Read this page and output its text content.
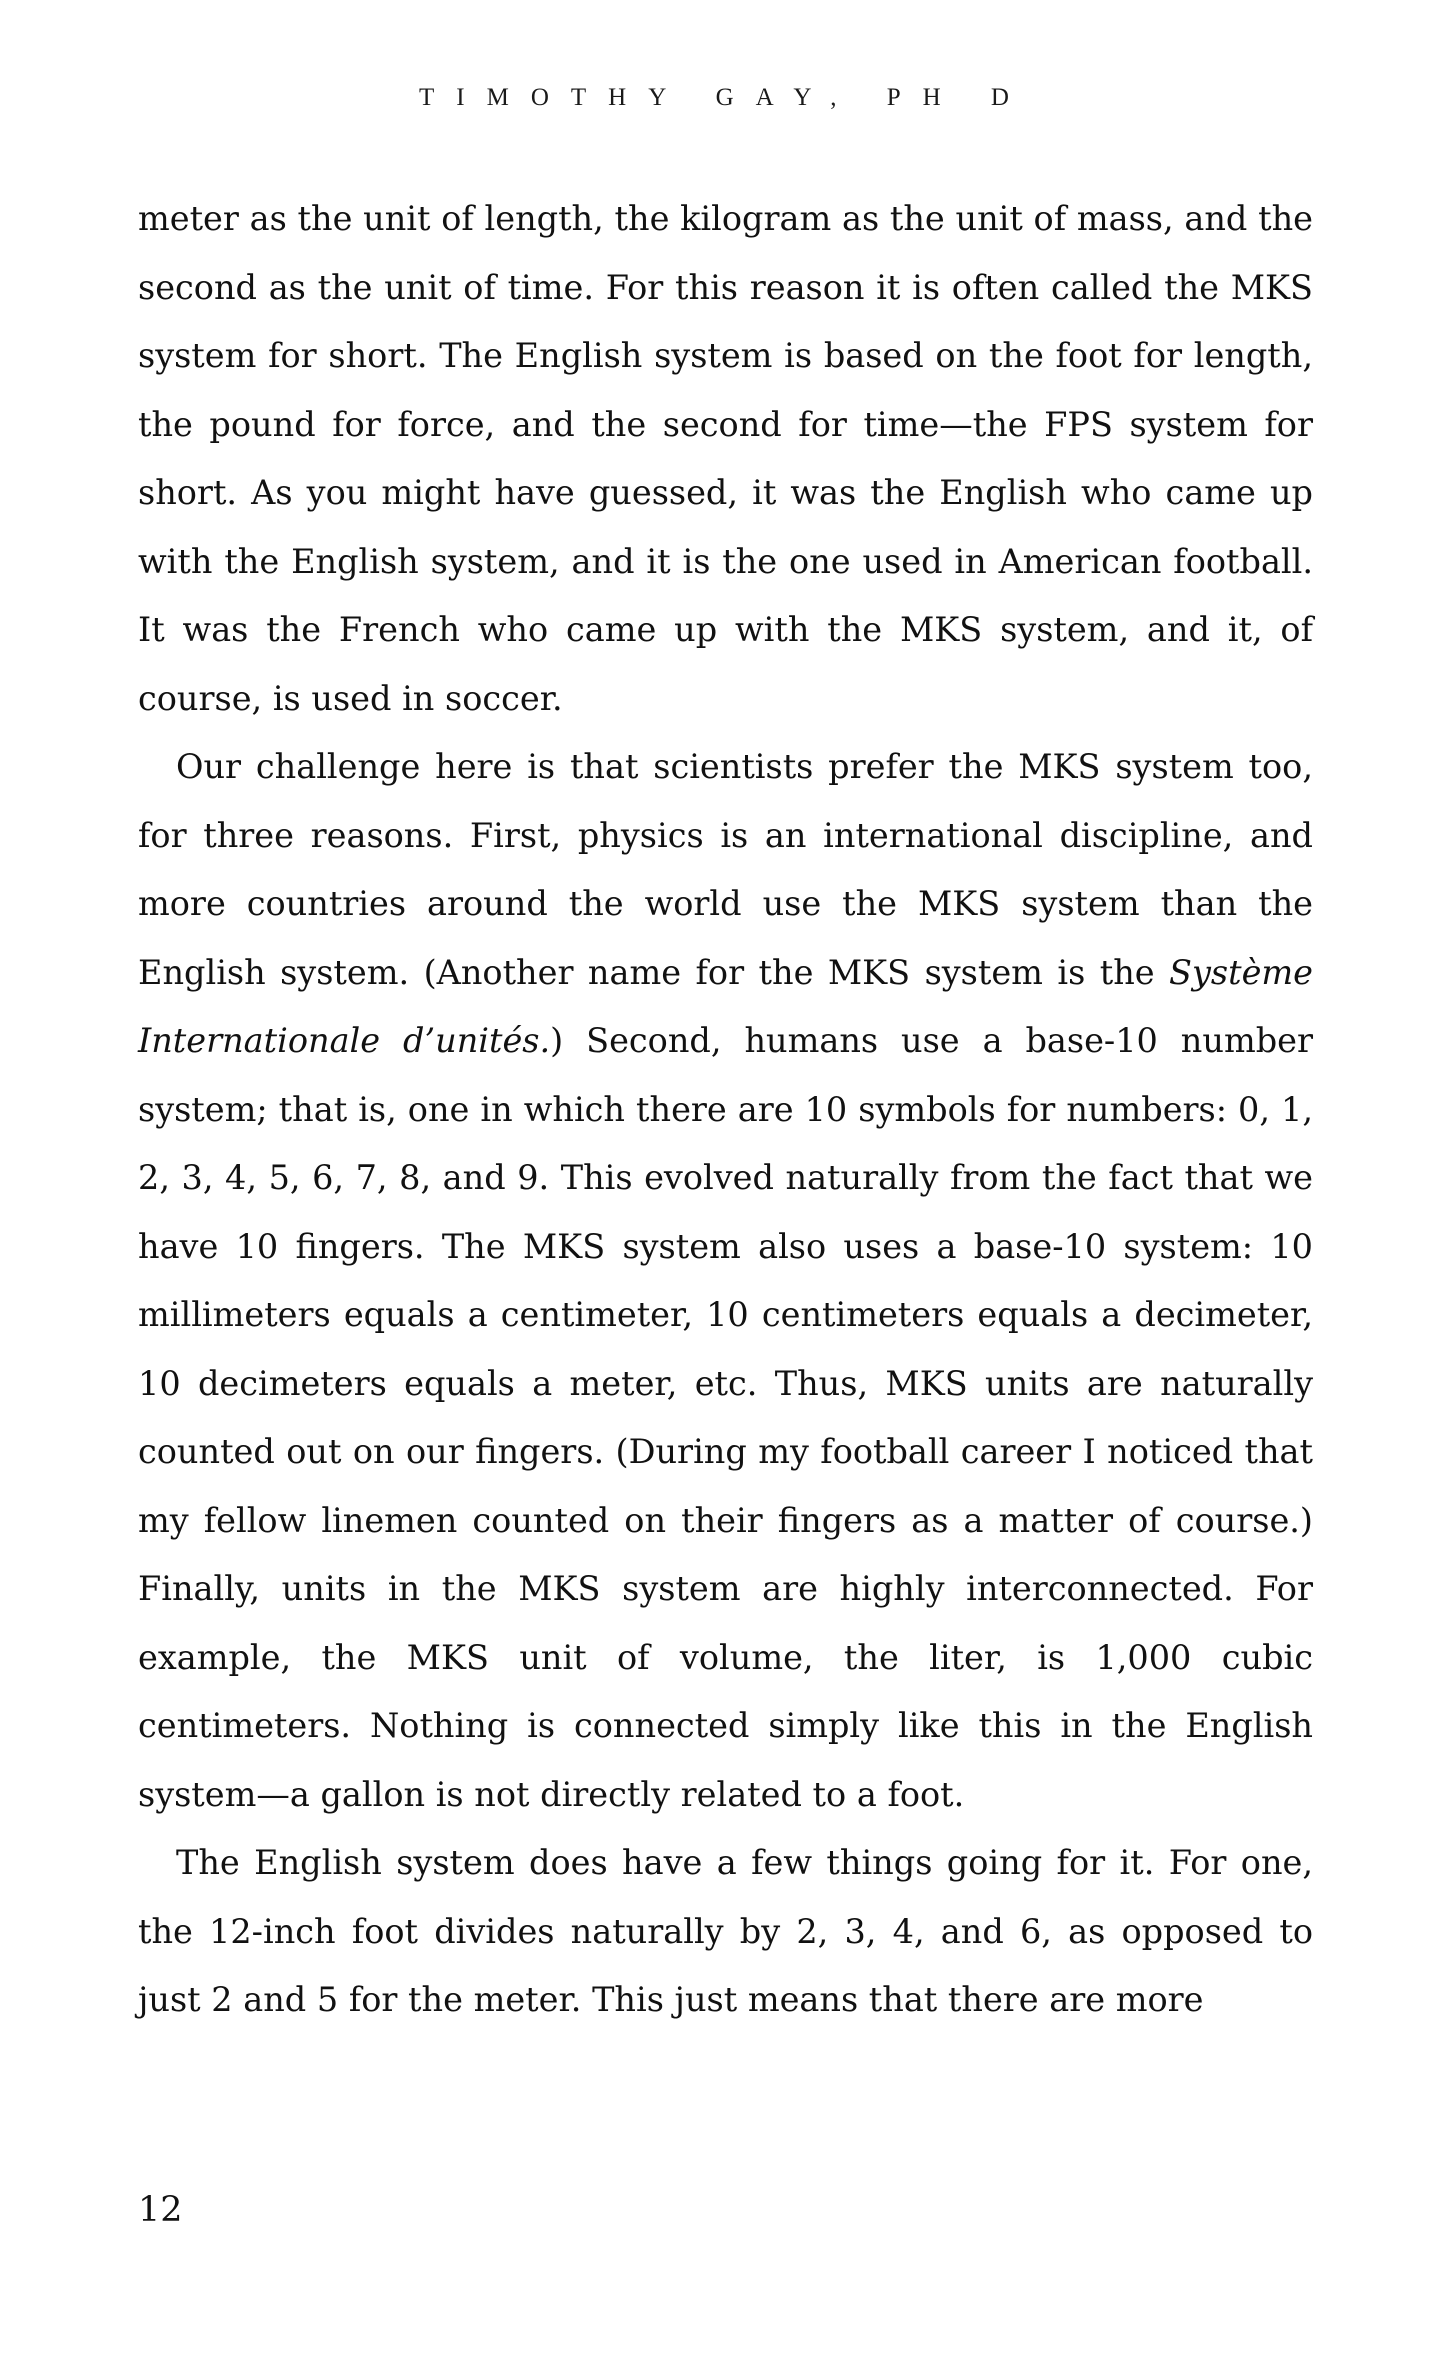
TIMOTHY GAY, PH D

meter as the unit of length, the kilogram as the unit of mass, and the second as the unit of time. For this reason it is often called the MKS system for short. The English system is based on the foot for length, the pound for force, and the second for time—the FPS system for short. As you might have guessed, it was the English who came up with the English system, and it is the one used in American football. It was the French who came up with the MKS system, and it, of course, is used in soccer.

Our challenge here is that scientists prefer the MKS system too, for three reasons. First, physics is an international discipline, and more countries around the world use the MKS system than the English system. (Another name for the MKS system is the Système Internationale d’unités.) Second, humans use a base-10 number system; that is, one in which there are 10 symbols for numbers: 0, 1, 2, 3, 4, 5, 6, 7, 8, and 9. This evolved naturally from the fact that we have 10 fingers. The MKS system also uses a base-10 system: 10 millimeters equals a centimeter, 10 centimeters equals a decimeter, 10 decimeters equals a meter, etc. Thus, MKS units are naturally counted out on our fingers. (During my football career I noticed that my fellow linemen counted on their fingers as a matter of course.) Finally, units in the MKS system are highly interconnected. For example, the MKS unit of volume, the liter, is 1,000 cubic centimeters. Nothing is connected simply like this in the English system—a gallon is not directly related to a foot.

The English system does have a few things going for it. For one, the 12-inch foot divides naturally by 2, 3, 4, and 6, as opposed to just 2 and 5 for the meter. This just means that there are more

12
